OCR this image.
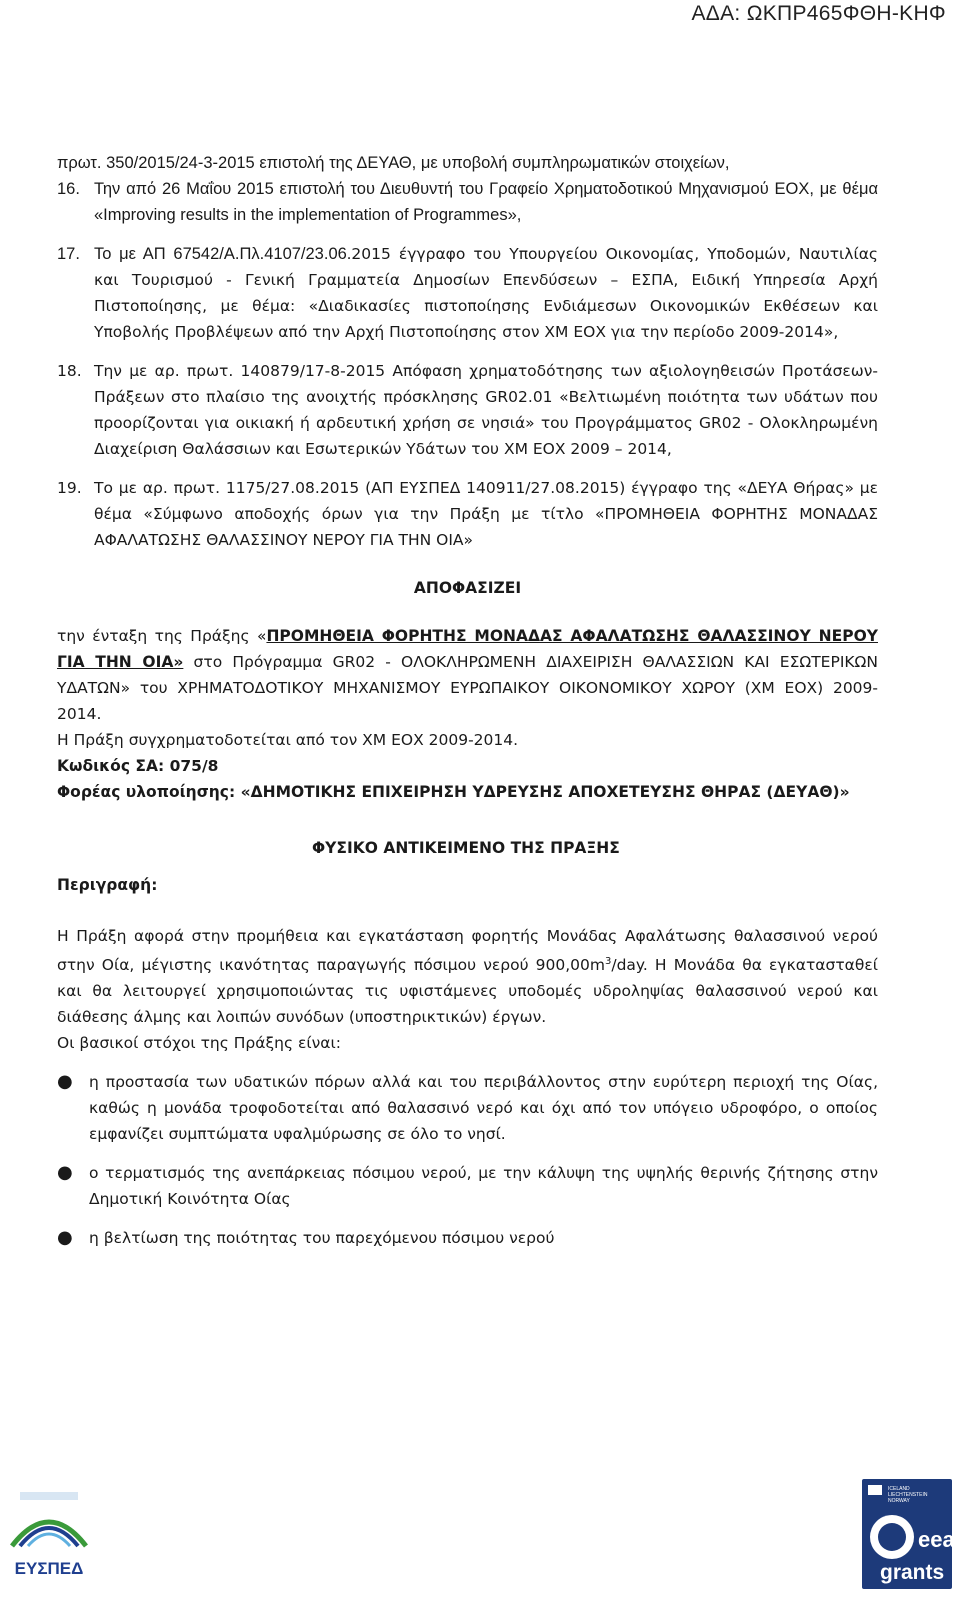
ΑΔΑ: ΩΚΠΡ465ΦΘΗ-ΚΗΦ

πρωτ. 350/2015/24-3-2015 επιστολή της ΔΕΥΑΘ, με υποβολή συμπληρωματικών στοιχείων,

16. Την από 26 Μαΐου 2015 επιστολή του Διευθυντή του Γραφείο Χρηματοδοτικού Μηχανισμού ΕΟΧ, με θέμα «Improving results in the implementation of Programmes»,
17. Το με ΑΠ 67542/Α.Πλ.4107/23.06.2015 έγγραφο του Υπουργείου Οικονομίας, Υποδομών, Ναυτιλίας και Τουρισμού - Γενική Γραμματεία Δημοσίων Επενδύσεων – ΕΣΠΑ, Ειδική Υπηρεσία Αρχή Πιστοποίησης, με θέμα: «Διαδικασίες πιστοποίησης Ενδιάμεσων Οικονομικών Εκθέσεων και Υποβολής Προβλέψεων από την Αρχή Πιστοποίησης στον ΧΜ ΕΟΧ για την περίοδο 2009-2014»,
18. Την με αρ. πρωτ. 140879/17-8-2015 Απόφαση χρηματοδότησης των αξιολογηθεισών Προτάσεων-Πράξεων στο πλαίσιο της ανοιχτής πρόσκλησης GR02.01 «Βελτιωμένη ποιότητα των υδάτων που προορίζονται για οικιακή ή αρδευτική χρήση σε νησιά» του Προγράμματος GR02 - Ολοκληρωμένη Διαχείριση Θαλάσσιων και Εσωτερικών Υδάτων του ΧΜ ΕΟΧ 2009 – 2014,
19. Το με αρ. πρωτ. 1175/27.08.2015 (ΑΠ ΕΥΣΠΕΔ 140911/27.08.2015) έγγραφο της «ΔΕΥΑ Θήρας» με θέμα «Σύμφωνο αποδοχής όρων για την Πράξη με τίτλο «ΠΡΟΜΗΘΕΙΑ ΦΟΡΗΤΗΣ ΜΟΝΑΔΑΣ ΑΦΑΛΑΤΩΣΗΣ ΘΑΛΑΣΣΙΝΟΥ ΝΕΡΟΥ ΓΙΑ ΤΗΝ ΟΙΑ»
ΑΠΟΦΑΣΙΖΕΙ

την ένταξη της Πράξης «ΠΡΟΜΗΘΕΙΑ ΦΟΡΗΤΗΣ ΜΟΝΑΔΑΣ ΑΦΑΛΑΤΩΣΗΣ ΘΑΛΑΣΣΙΝΟΥ ΝΕΡΟΥ ΓΙΑ ΤΗΝ ΟΙΑ» στο Πρόγραμμα GR02 - ΟΛΟΚΛΗΡΩΜΕΝΗ ΔΙΑΧΕΙΡΙΣΗ ΘΑΛΑΣΣΙΩΝ ΚΑΙ ΕΣΩΤΕΡΙΚΩΝ ΥΔΑΤΩΝ» του ΧΡΗΜΑΤΟΔΟΤΙΚΟΥ ΜΗΧΑΝΙΣΜΟΥ ΕΥΡΩΠΑΙΚΟΥ ΟΙΚΟΝΟΜΙΚΟΥ ΧΩΡΟΥ (ΧΜ ΕΟΧ) 2009-2014.

Η Πράξη συγχρηματοδοτείται από τον ΧΜ ΕΟΧ 2009-2014.

Κωδικός ΣΑ: 075/8

Φορέας υλοποίησης: «ΔΗΜΟΤΙΚΗΣ ΕΠΙΧΕΙΡΗΣΗ ΥΔΡΕΥΣΗΣ ΑΠΟΧΕΤΕΥΣΗΣ ΘΗΡΑΣ (ΔΕΥΑΘ)»

ΦΥΣΙΚΟ ΑΝΤΙΚΕΙΜΕΝΟ ΤΗΣ ΠΡΑΞΗΣ
Περιγραφή:

Η Πράξη αφορά στην προμήθεια και εγκατάσταση φορητής Μονάδας Αφαλάτωσης θαλασσινού νερού στην Οία, μέγιστης ικανότητας παραγωγής πόσιμου νερού $900,00m^3$/day. Η Μονάδα θα εγκατασταθεί και θα λειτουργεί χρησιμοποιώντας τις υφιστάμενες υποδομές υδροληψίας θαλασσινού νερού και διάθεσης άλμης και λοιπών συνόδων (υποστηρικτικών) έργων.

Οι βασικοί στόχοι της Πράξης είναι:

●	η προστασία των υδατικών πόρων αλλά και του περιβάλλοντος στην ευρύτερη περιοχή της Οίας, καθώς η μονάδα τροφοδοτείται από θαλασσινό νερό και όχι από τον υπόγειο υδροφόρο, ο οποίος εμφανίζει συμπτώματα υφαλμύρωσης σε όλο το νησί.
●	ο τερματισμός της ανεπάρκειας πόσιμου νερού, με την κάλυψη της υψηλής θερινής ζήτησης στην Δημοτική Κοινότητα Οίας
●	η βελτίωση της ποιότητας του παρεχόμενου πόσιμου νερού
ΕΥΣΠΕΔ
ICELAND
LIECHTENSTEIN
NORWAY
eea
grants
